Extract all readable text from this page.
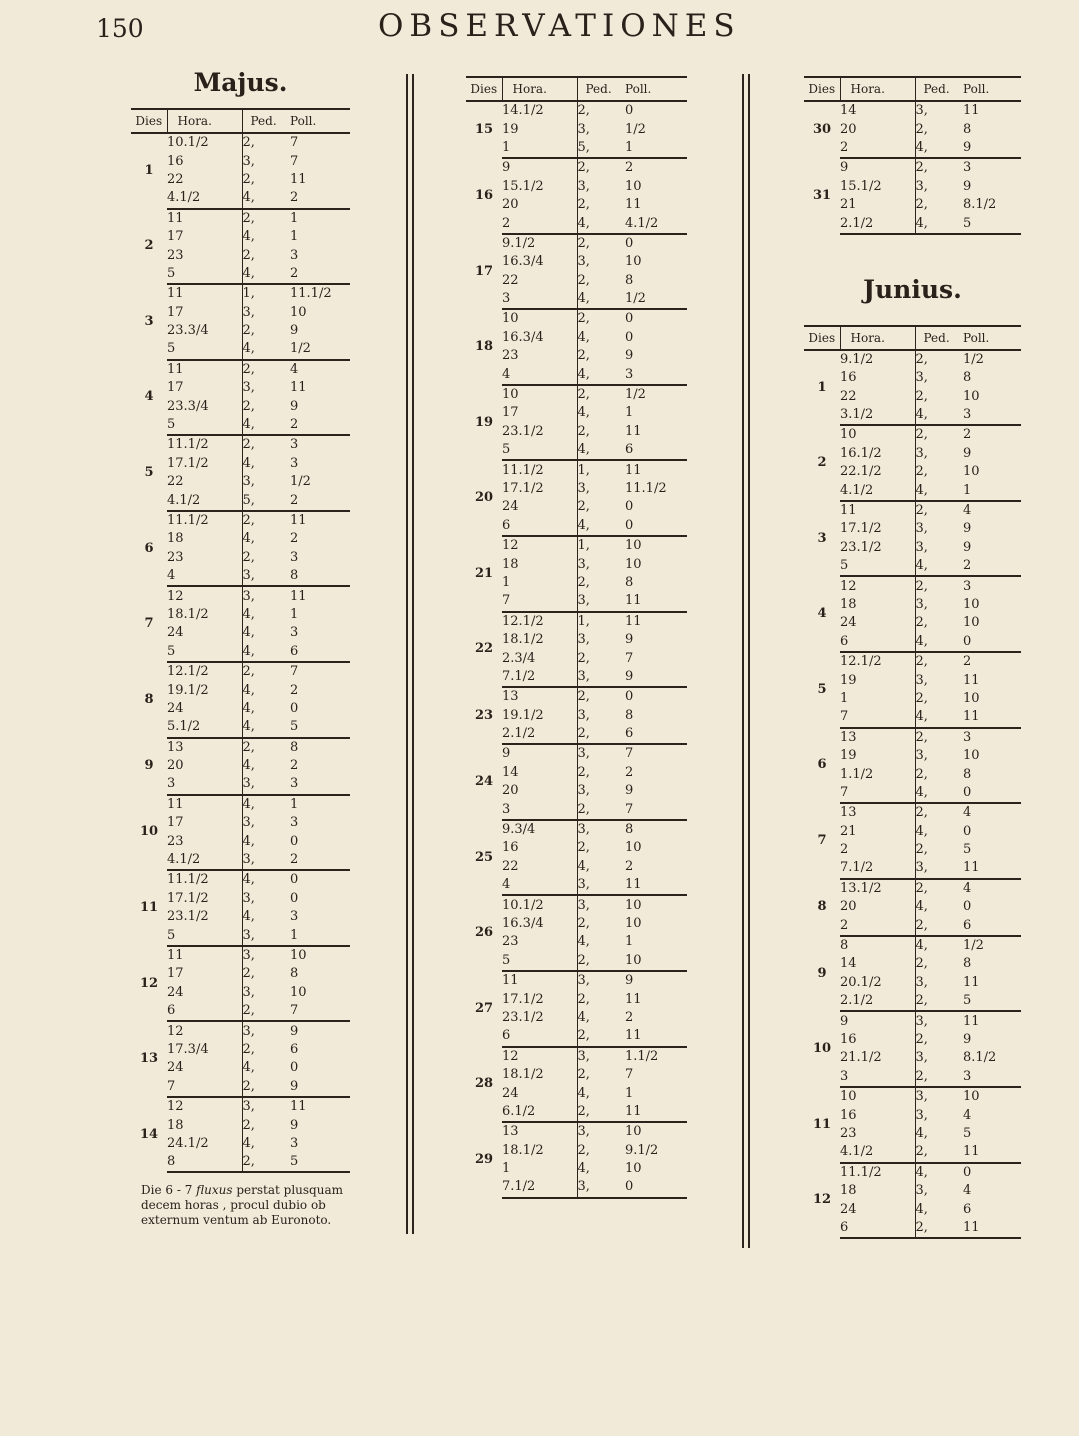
150	OBSERVATIONES
Majus.
Dies	Hora.	Ped.	Poll.
1	10.1/2	2,	7
	16	3,	7
	22	2,	11
	4.1/2	4,	2
2	11	2,	1
	17	4,	1
	23	2,	3
	5	4,	2
3	11	1,	11.1/2
	17	3,	10
	23.3/4	2,	9
	5	4,	1/2
4	11	2,	4
	17	3,	11
	23.3/4	2,	9
	5	4,	2
5	11.1/2	2,	3
	17.1/2	4,	3
	22	3,	1/2
	4.1/2	5,	2
6	11.1/2	2,	11
	18	4,	2
	23	2,	3
	4	3,	8
7	12	3,	11
	18.1/2	4,	1
	24	4,	3
	5	4,	6
8	12.1/2	2,	7
	19.1/2	4,	2
	24	4,	0
	5.1/2	4,	5
9	13	2,	8
	20	4,	2
	3	3,	3
10	11	4,	1
	17	3,	3
	23	4,	0
	4.1/2	3,	2
11	11.1/2	4,	0
	17.1/2	3,	0
	23.1/2	4,	3
	5	3,	1
12	11	3,	10
	17	2,	8
	24	3,	10
	6	2,	7
13	12	3,	9
	17.3/4	2,	6
	24	4,	0
	7	2,	9
14	12	3,	11
	18	2,	9
	24.1/2	4,	3
	8	2,	5
Die 6 - 7 fluxus perstat plusquam decem horas , procul dubio ob externum ventum ab Euronoto.
Dies	Hora.	Ped.	Poll.
15	14.1/2	2,	0
	19	3,	1/2
	1	5,	1
16	9	2,	2
	15.1/2	3,	10
	20	2,	11
	2	4,	4.1/2
17	9.1/2	2,	0
	16.3/4	3,	10
	22	2,	8
	3	4,	1/2
18	10	2,	0
	16.3/4	4,	0
	23	2,	9
	4	4,	3
19	10	2,	1/2
	17	4,	1
	23.1/2	2,	11
	5	4,	6
20	11.1/2	1,	11
	17.1/2	3,	11.1/2
	24	2,	0
	6	4,	0
21	12	1,	10
	18	3,	10
	1	2,	8
	7	3,	11
22	12.1/2	1,	11
	18.1/2	3,	9
	2.3/4	2,	7
	7.1/2	3,	9
23	13	2,	0
	19.1/2	3,	8
	2.1/2	2,	6
24	9	3,	7
	14	2,	2
	20	3,	9
	3	2,	7
25	9.3/4	3,	8
	16	2,	10
	22	4,	2
	4	3,	11
26	10.1/2	3,	10
	16.3/4	2,	10
	23	4,	1
	5	2,	10
27	11	3,	9
	17.1/2	2,	11
	23.1/2	4,	2
	6	2,	11
28	12	3,	1.1/2
	18.1/2	2,	7
	24	4,	1
	6.1/2	2,	11
29	13	3,	10
	18.1/2	2,	9.1/2
	1	4,	10
	7.1/2	3,	0
Dies	Hora.	Ped.	Poll.
30	14	3,	11
	20	2,	8
	2	4,	9
31	9	2,	3
	15.1/2	3,	9
	21	2,	8.1/2
	2.1/2	4,	5
Junius.
Dies	Hora.	Ped.	Poll.
1	9.1/2	2,	1/2
	16	3,	8
	22	2,	10
	3.1/2	4,	3
2	10	2,	2
	16.1/2	3,	9
	22.1/2	2,	10
	4.1/2	4,	1
3	11	2,	4
	17.1/2	3,	9
	23.1/2	3,	9
	5	4,	2
4	12	2,	3
	18	3,	10
	24	2,	10
	6	4,	0
5	12.1/2	2,	2
	19	3,	11
	1	2,	10
	7	4,	11
6	13	2,	3
	19	3,	10
	1.1/2	2,	8
	7	4,	0
7	13	2,	4
	21	4,	0
	2	2,	5
	7.1/2	3,	11
8	13.1/2	2,	4
	20	4,	0
	2	2,	6
9	8	4,	1/2
	14	2,	8
	20.1/2	3,	11
	2.1/2	2,	5
10	9	3,	11
	16	2,	9
	21.1/2	3,	8.1/2
	3	2,	3
11	10	3,	10
	16	3,	4
	23	4,	5
	4.1/2	2,	11
12	11.1/2	4,	0
	18	3,	4
	24	4,	6
	6	2,	11
